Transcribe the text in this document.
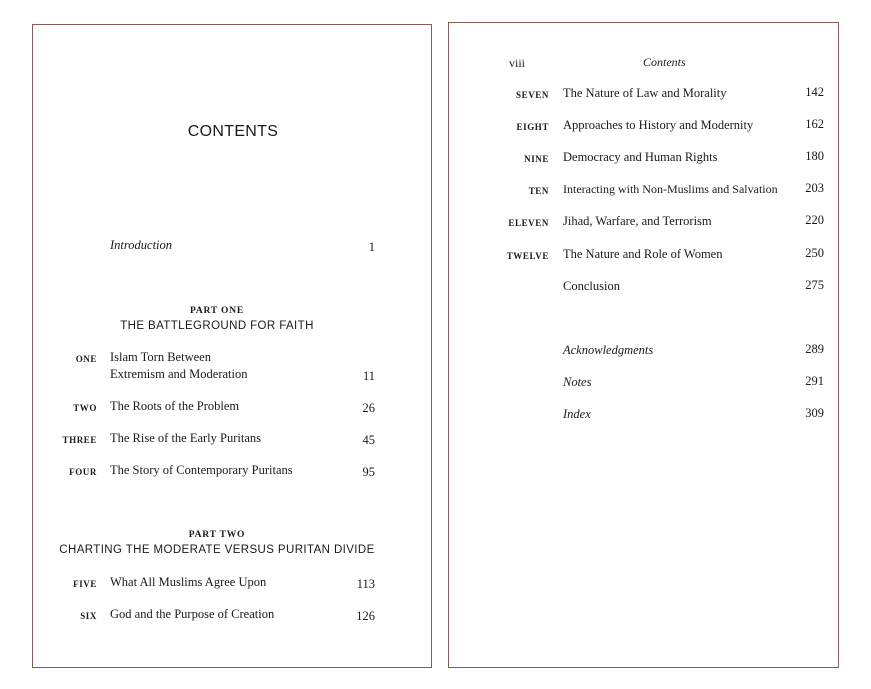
CONTENTS
Introduction	1
PART ONE
THE BATTLEGROUND FOR FAITH
ONE Islam Torn Between
Extremism and Moderation	11
TWO The Roots of the Problem	26
THREE The Rise of the Early Puritans	45
FOUR The Story of Contemporary Puritans	95
PART TWO
CHARTING THE MODERATE VERSUS PURITAN DIVIDE
FIVE What All Muslims Agree Upon	113
SIX God and the Purpose of Creation	126
viii	Contents
SEVEN The Nature of Law and Morality	142
EIGHT Approaches to History and Modernity	162
NINE Democracy and Human Rights	180
TEN Interacting with Non-Muslims and Salvation	203
ELEVEN Jihad, Warfare, and Terrorism	220
TWELVE The Nature and Role of Women	250
Conclusion	275
Acknowledgments	289
Notes	291
Index	309
